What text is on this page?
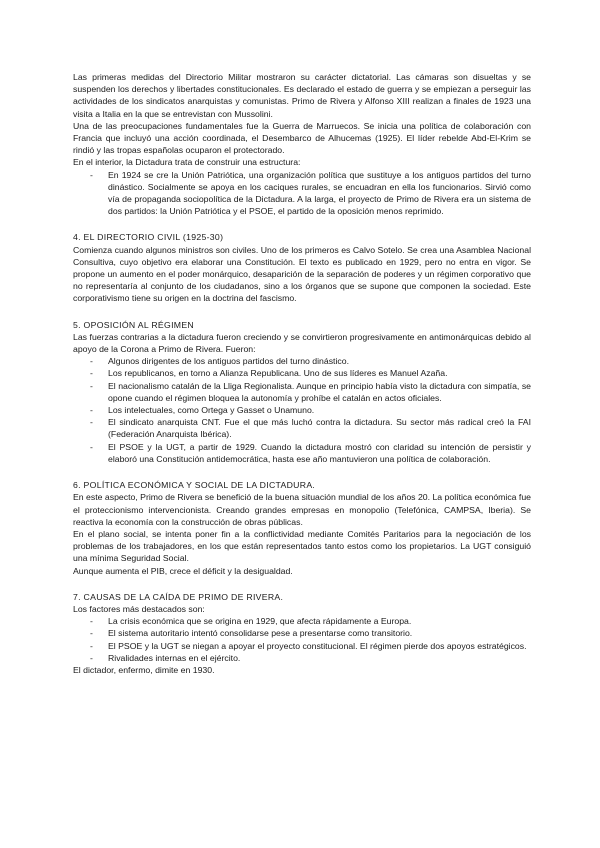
Las primeras medidas del Directorio Militar mostraron su carácter dictatorial. Las cámaras son disueltas y se suspenden los derechos y libertades constitucionales. Es declarado el estado de guerra y se empiezan a perseguir las actividades de los sindicatos anarquistas y comunistas. Primo de Rivera y Alfonso XIII realizan a finales de 1923 una visita a Italia en la que se entrevistan con Mussolini.

Una de las preocupaciones fundamentales fue la Guerra de Marruecos. Se inicia una política de colaboración con Francia que incluyó una acción coordinada, el Desembarco de Alhucemas (1925). El líder rebelde Abd-El-Krim se rindió y las tropas españolas ocuparon el protectorado.

En el interior, la Dictadura trata de construir una estructura:

- En 1924 se cre la Unión Patriótica, una organización política que sustituye a los antiguos partidos del turno dinástico. Socialmente se apoya en los caciques rurales, se encuadran en ella los funcionarios. Sirvió como vía de propaganda sociopolítica de la Dictadura. A la larga, el proyecto de Primo de Rivera era un sistema de dos partidos: la Unión Patriótica y el PSOE, el partido de la oposición menos reprimido.
4. EL DIRECTORIO CIVIL (1925-30)

Comienza cuando algunos ministros son civiles. Uno de los primeros es Calvo Sotelo. Se crea una Asamblea Nacional Consultiva, cuyo objetivo era elaborar una Constitución. El texto es publicado en 1929, pero no entra en vigor. Se propone un aumento en el poder monárquico, desaparición de la separación de poderes y un régimen corporativo que no representaría al conjunto de los ciudadanos, sino a los órganos que se supone que componen la sociedad. Este corporativismo tiene su origen en la doctrina del fascismo.

5. OPOSICIÓN AL RÉGIMEN

Las fuerzas contrarias a la dictadura fueron creciendo y se convirtieron progresivamente en antimonárquicas debido al apoyo de la Corona a Primo de Rivera. Fueron:

- Algunos dirigentes de los antiguos partidos del turno dinástico.
- Los republicanos, en torno a Alianza Republicana. Uno de sus líderes es Manuel Azaña.
- El nacionalismo catalán de la Lliga Regionalista. Aunque en principio había visto la dictadura con simpatía, se opone cuando el régimen bloquea la autonomía y prohíbe el catalán en actos oficiales.
- Los intelectuales, como Ortega y Gasset o Unamuno.
- El sindicato anarquista CNT. Fue el que más luchó contra la dictadura. Su sector más radical creó la FAI (Federación Anarquista Ibérica).
- El PSOE y la UGT, a partir de 1929. Cuando la dictadura mostró con claridad su intención de persistir y elaboró una Constitución antidemocrática, hasta ese año mantuvieron una política de colaboración.
6. POLÍTICA ECONÓMICA Y SOCIAL DE LA DICTADURA.

En este aspecto, Primo de Rivera se benefició de la buena situación mundial de los años 20. La política económica fue el proteccionismo intervencionista. Creando grandes empresas en monopolio (Telefónica, CAMPSA, Iberia). Se reactiva la economía con la construcción de obras públicas.

En el plano social, se intenta poner fin a la conflictividad mediante Comités Paritarios para la negociación de los problemas de los trabajadores, en los que están representados tanto estos como los propietarios. La UGT consiguió una mínima Seguridad Social.

Aunque aumenta el PIB, crece el déficit y la desigualdad.

7. CAUSAS DE LA CAÍDA DE PRIMO DE RIVERA.

Los factores más destacados son:

- La crisis económica que se origina en 1929, que afecta rápidamente a Europa.
- El sistema autoritario intentó consolidarse pese a presentarse como transitorio.
- El PSOE y la UGT se niegan a apoyar el proyecto constitucional. El régimen pierde dos apoyos estratégicos.
- Rivalidades internas en el ejército.

El dictador, enfermo, dimite en 1930.
